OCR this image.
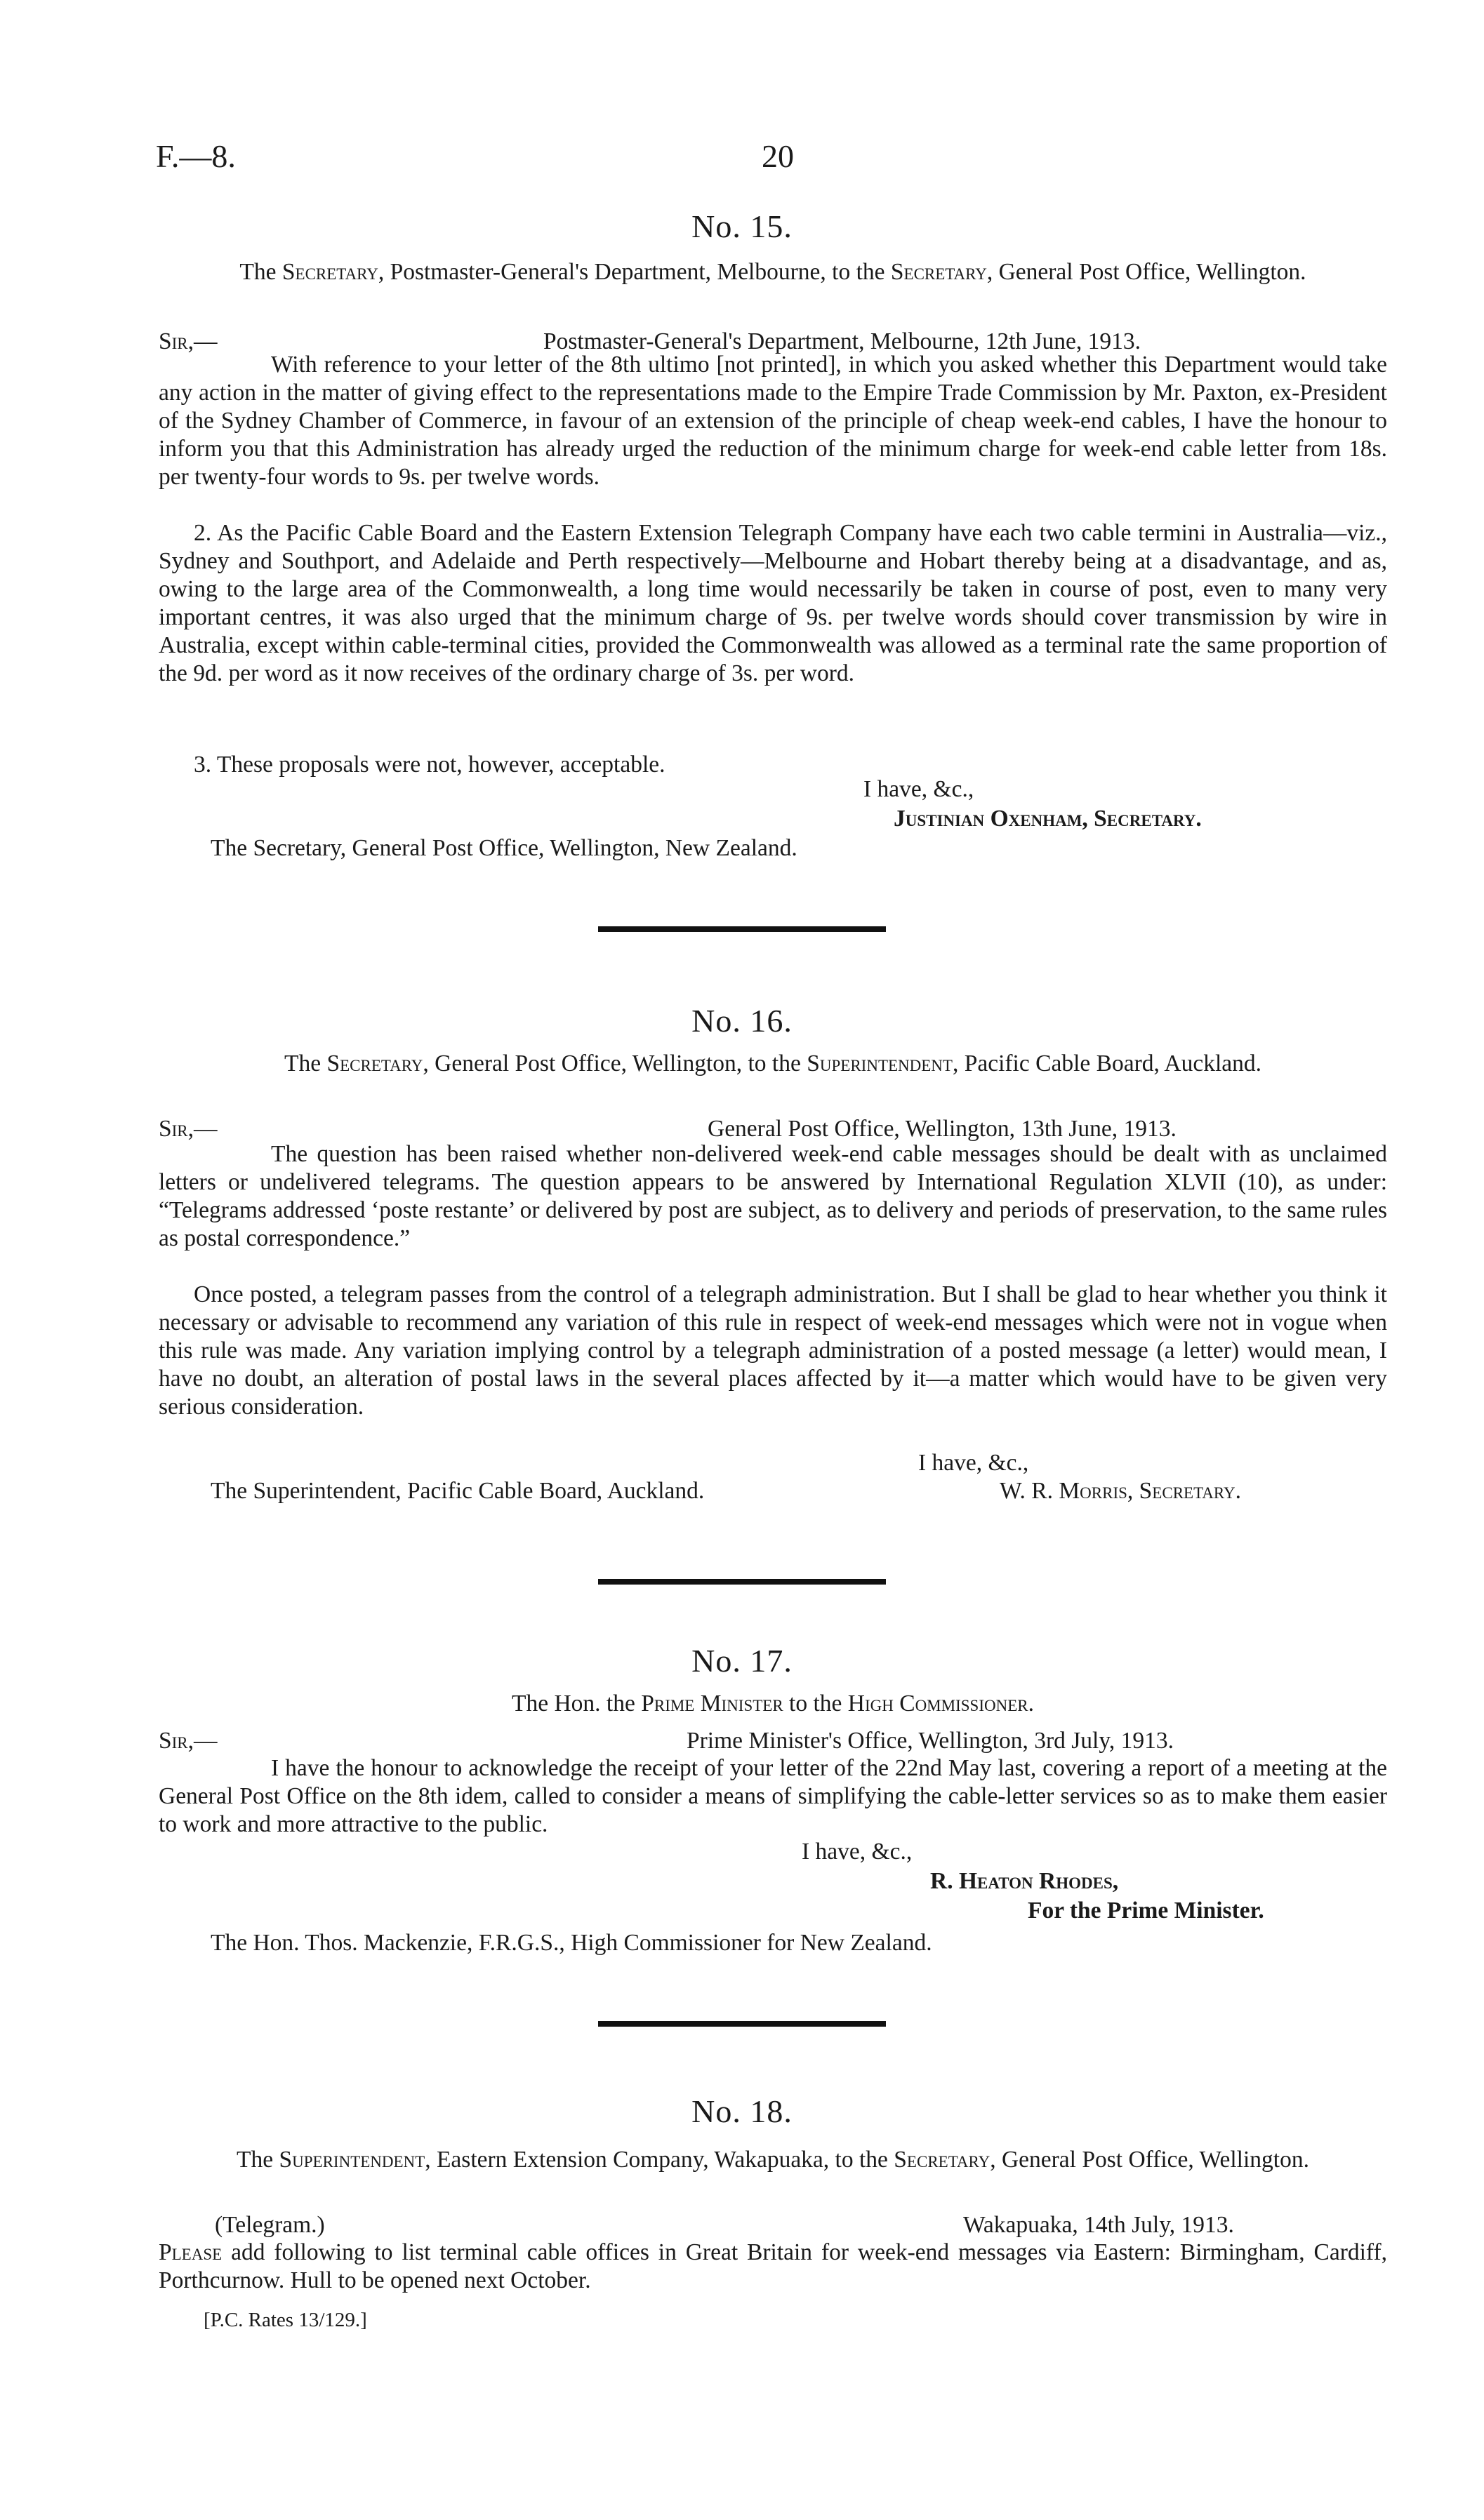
F.—8.	20
No. 15.
The Secretary, Postmaster-General's Department, Melbourne, to the Secretary, General Post Office, Wellington.
Sir,—	Postmaster-General's Department, Melbourne, 12th June, 1913.

With reference to your letter of the 8th ultimo [not printed], in which you asked whether this Department would take any action in the matter of giving effect to the representations made to the Empire Trade Commission by Mr. Paxton, ex-President of the Sydney Chamber of Commerce, in favour of an extension of the principle of cheap week-end cables, I have the honour to inform you that this Administration has already urged the reduction of the minimum charge for week-end cable letter from 18s. per twenty-four words to 9s. per twelve words.

2. As the Pacific Cable Board and the Eastern Extension Telegraph Company have each two cable termini in Australia—viz., Sydney and Southport, and Adelaide and Perth respectively—Melbourne and Hobart thereby being at a disadvantage, and as, owing to the large area of the Commonwealth, a long time would necessarily be taken in course of post, even to many very important centres, it was also urged that the minimum charge of 9s. per twelve words should cover transmission by wire in Australia, except within cable-terminal cities, provided the Commonwealth was allowed as a terminal rate the same proportion of the 9d. per word as it now receives of the ordinary charge of 3s. per word.

3. These proposals were not, however, acceptable.

I have, &c.,
Justinian Oxenham, Secretary.
The Secretary, General Post Office, Wellington, New Zealand.
No. 16.
The Secretary, General Post Office, Wellington, to the Superintendent, Pacific Cable Board, Auckland.
Sir,—	General Post Office, Wellington, 13th June, 1913.

The question has been raised whether non-delivered week-end cable messages should be dealt with as unclaimed letters or undelivered telegrams. The question appears to be answered by International Regulation XLVII (10), as under: “Telegrams addressed ‘poste restante’ or delivered by post are subject, as to delivery and periods of preservation, to the same rules as postal correspondence.”

Once posted, a telegram passes from the control of a telegraph administration. But I shall be glad to hear whether you think it necessary or advisable to recommend any variation of this rule in respect of week-end messages which were not in vogue when this rule was made. Any variation implying control by a telegraph administration of a posted message (a letter) would mean, I have no doubt, an alteration of postal laws in the several places affected by it—a matter which would have to be given very serious consideration.

I have, &c.,
The Superintendent, Pacific Cable Board, Auckland.	W. R. Morris, Secretary.
No. 17.
The Hon. the Prime Minister to the High Commissioner.
Sir,—	Prime Minister's Office, Wellington, 3rd July, 1913.

I have the honour to acknowledge the receipt of your letter of the 22nd May last, covering a report of a meeting at the General Post Office on the 8th idem, called to consider a means of simplifying the cable-letter services so as to make them easier to work and more attractive to the public.

I have, &c.,
R. Heaton Rhodes,
For the Prime Minister.
The Hon. Thos. Mackenzie, F.R.G.S., High Commissioner for New Zealand.
No. 18.
The Superintendent, Eastern Extension Company, Wakapuaka, to the Secretary, General Post Office, Wellington.
(Telegram.)	Wakapuaka, 14th July, 1913.

Please add following to list terminal cable offices in Great Britain for week-end messages via Eastern: Birmingham, Cardiff, Porthcurnow. Hull to be opened next October.

[P.C. Rates 13/129.]
